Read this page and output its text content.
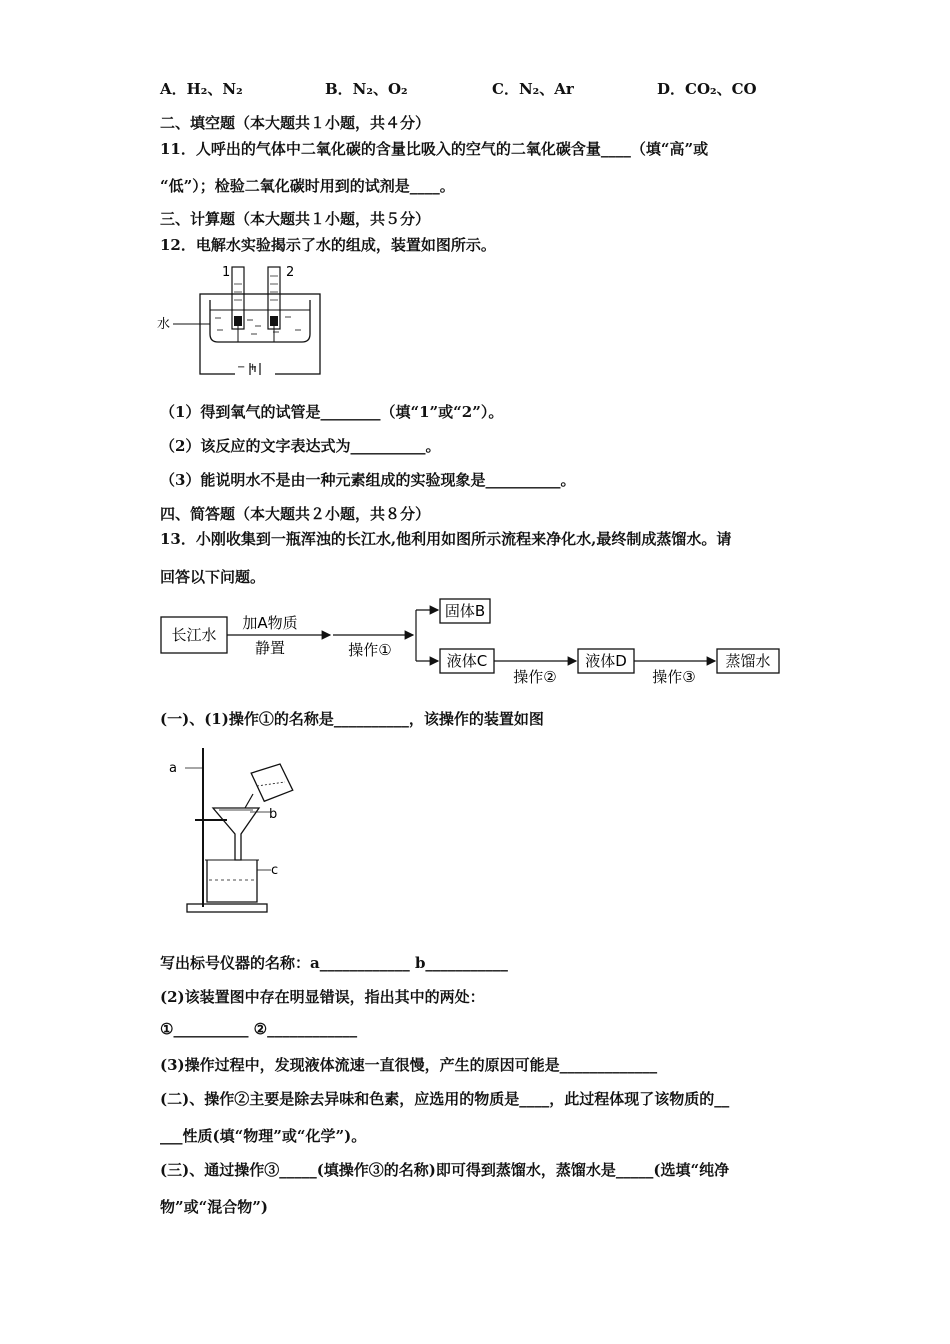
A．H₂、N₂	B．N₂、O₂	C．N₂、Ar	D．CO₂、CO
二、填空题（本大题共１小题，共４分）
11．人呼出的气体中二氧化碳的含量比吸入的空气的二氧化碳含量____（填“高”或
“低”）；检验二氧化碳时用到的试剂是____。
三、计算题（本大题共１小题，共５分）
12．电解水实验揭示了水的组成，装置如图所示。
1	2
水
− +
（1）得到氧气的试管是________（填“1”或“2”）。
（2）该反应的文字表达式为__________。
（3）能说明水不是由一种元素组成的实验现象是__________。
四、简答题（本大题共２小题，共８分）
13．小刚收集到一瓶浑浊的长江水,他利用如图所示流程来净化水,最终制成蒸馏水。请
回答以下问题。
长江水
加A物质
静置	操作①
固体B
液体C
操作②
液体D
操作③
蒸馏水
(一)、(1)操作①的名称是__________，该操作的装置如图
a
b
c
写出标号仪器的名称：a____________ b___________
(2)该装置图中存在明显错误，指出其中的两处：
①__________ ②____________
(3)操作过程中，发现液体流速一直很慢，产生的原因可能是_____________
(二)、操作②主要是除去异味和色素，应选用的物质是____，此过程体现了该物质的__
___性质(填“物理”或“化学”)。
(三)、通过操作③_____(填操作③的名称)即可得到蒸馏水，蒸馏水是_____(选填“纯净
物”或“混合物”)
